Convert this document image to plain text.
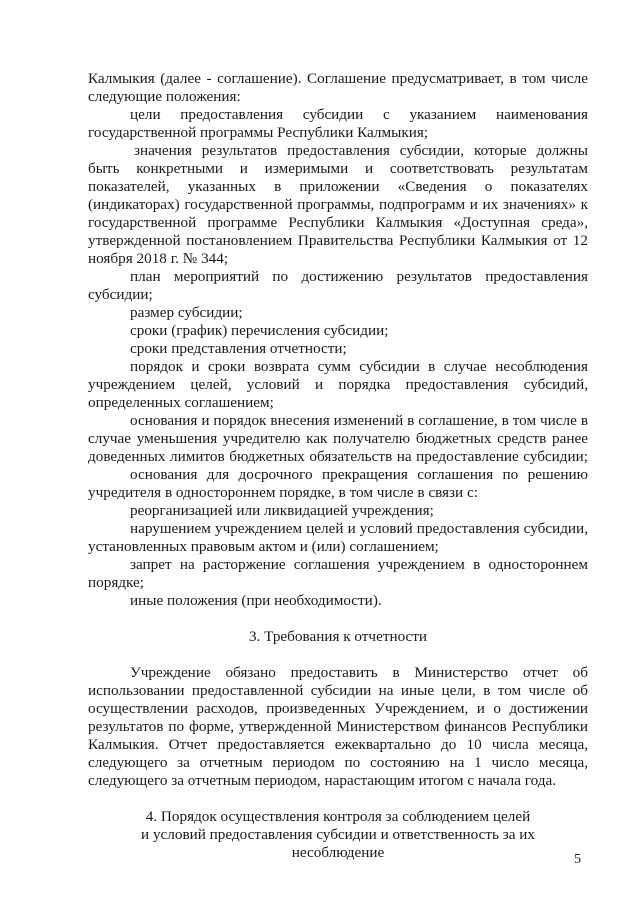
Калмыкия (далее - соглашение). Соглашение предусматривает, в том числе
следующие положения:
цели предоставления субсидии с указанием наименования
государственной программы Республики Калмыкия;
значения результатов предоставления субсидии, которые должны
быть конкретными и измеримыми и соответствовать результатам
показателей, указанных в приложении «Сведения о показателях
(индикаторах) государственной программы, подпрограмм и их значениях» к
государственной программе Республики Калмыкия «Доступная среда»,
утвержденной постановлением Правительства Республики Калмыкия от 12
ноября 2018 г. № 344;
план мероприятий по достижению результатов предоставления
субсидии;
размер субсидии;
сроки (график) перечисления субсидии;
сроки представления отчетности;
порядок и сроки возврата сумм субсидии в случае несоблюдения
учреждением целей, условий и порядка предоставления субсидий,
определенных соглашением;
основания и порядок внесения изменений в соглашение, в том числе в
случае уменьшения учредителю как получателю бюджетных средств ранее
доведенных лимитов бюджетных обязательств на предоставление субсидии;
основания для досрочного прекращения соглашения по решению
учредителя в одностороннем порядке, в том числе в связи с:
реорганизацией или ликвидацией учреждения;
нарушением учреждением целей и условий предоставления субсидии,
установленных правовым актом и (или) соглашением;
запрет на расторжение соглашения учреждением в одностороннем
порядке;
иные положения (при необходимости).
3. Требования к отчетности
Учреждение обязано предоставить в Министерство отчет об
использовании предоставленной субсидии на иные цели, в том числе об
осуществлении расходов, произведенных Учреждением, и о достижении
результатов по форме, утвержденной Министерством финансов Республики
Калмыкия. Отчет предоставляется ежеквартально до 10 числа месяца,
следующего за отчетным периодом по состоянию на 1 число месяца,
следующего за отчетным периодом, нарастающим итогом с начала года.
4. Порядок осуществления контроля за соблюдением целей
и условий предоставления субсидии и ответственность за их
несоблюдение	5
